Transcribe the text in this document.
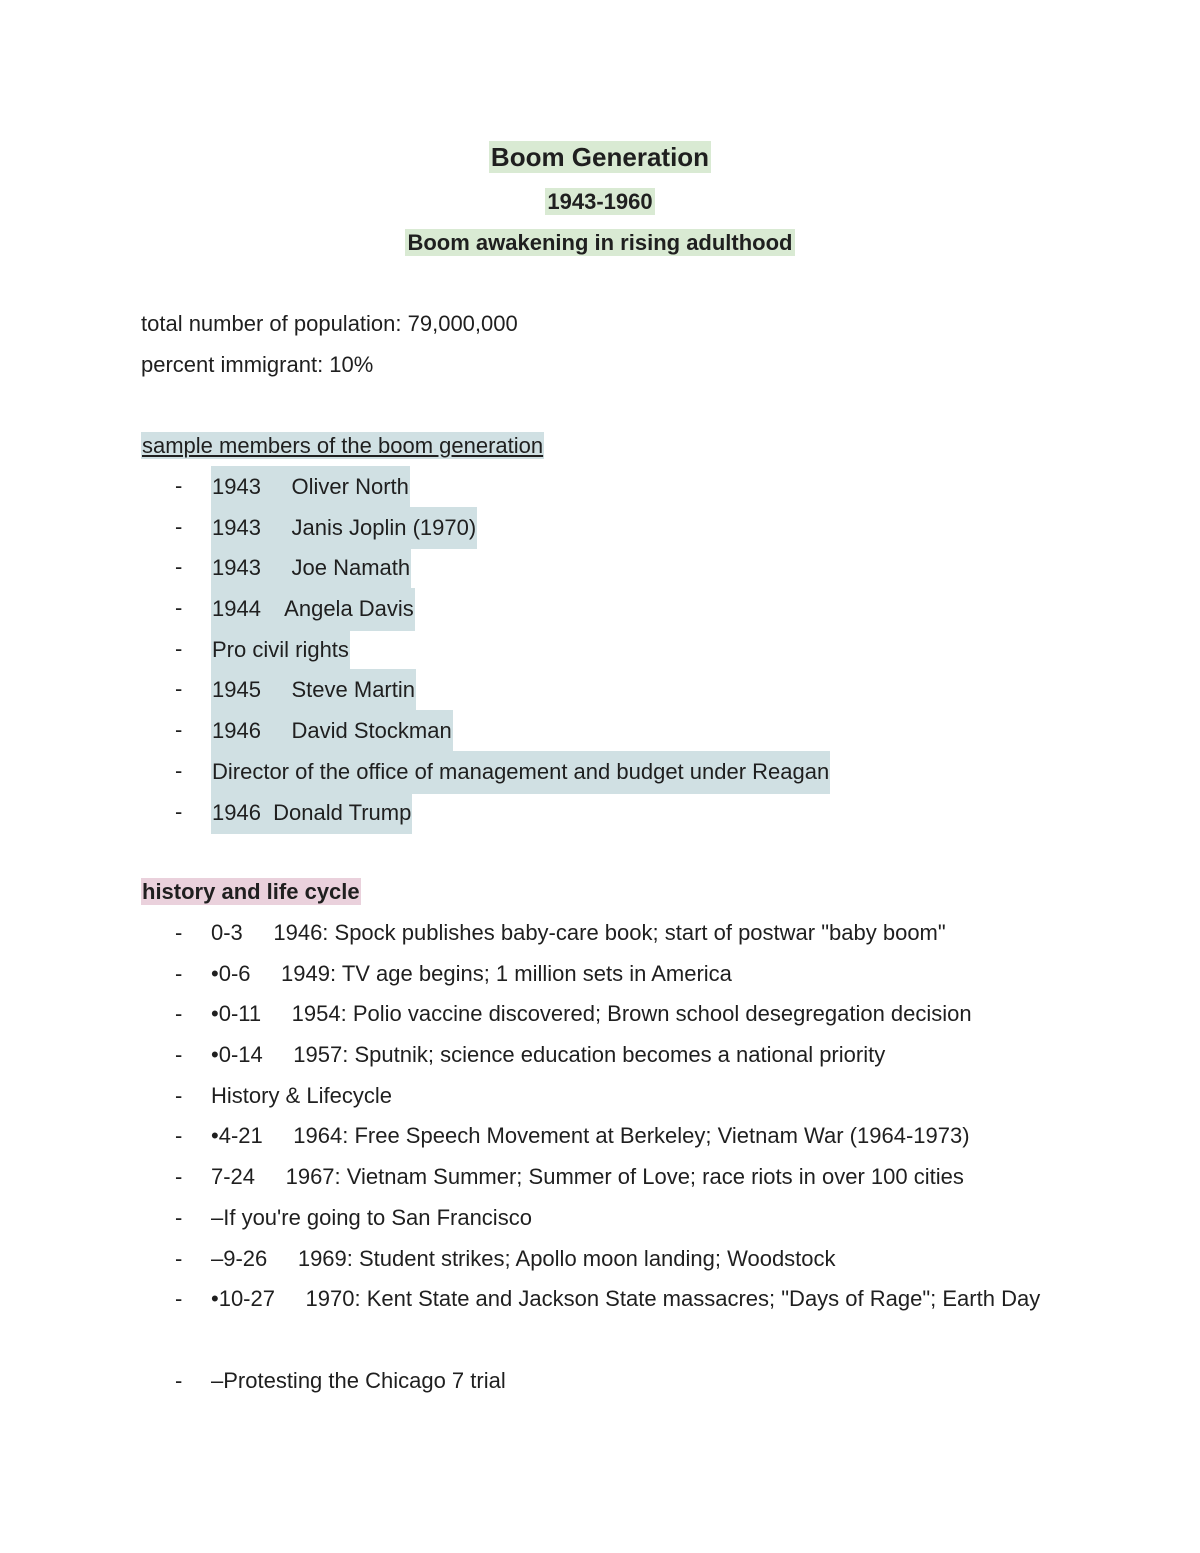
Boom Generation
1943-1960
Boom awakening in rising adulthood
total number of population: 79,000,000
percent immigrant: 10%
sample members of the boom generation
- 1943     Oliver North
- 1943     Janis Joplin (1970)
- 1943     Joe Namath
- 1944    Angela Davis
- Pro civil rights
- 1945     Steve Martin
- 1946     David Stockman
- Director of the office of management and budget under Reagan
- 1946  Donald Trump
history and life cycle
- 0-3     1946: Spock publishes baby-care book; start of postwar "baby boom"
- •0-6     1949: TV age begins; 1 million sets in America
- •0-11     1954: Polio vaccine discovered; Brown school desegregation decision
- •0-14     1957: Sputnik; science education becomes a national priority
- History & Lifecycle
- •4-21     1964: Free Speech Movement at Berkeley; Vietnam War (1964-1973)
- 7-24     1967: Vietnam Summer; Summer of Love; race riots in over 100 cities
- –If you're going to San Francisco
- –9-26     1969: Student strikes; Apollo moon landing; Woodstock
- •10-27     1970: Kent State and Jackson State massacres; "Days of Rage"; Earth Day
- –Protesting the Chicago 7 trial
